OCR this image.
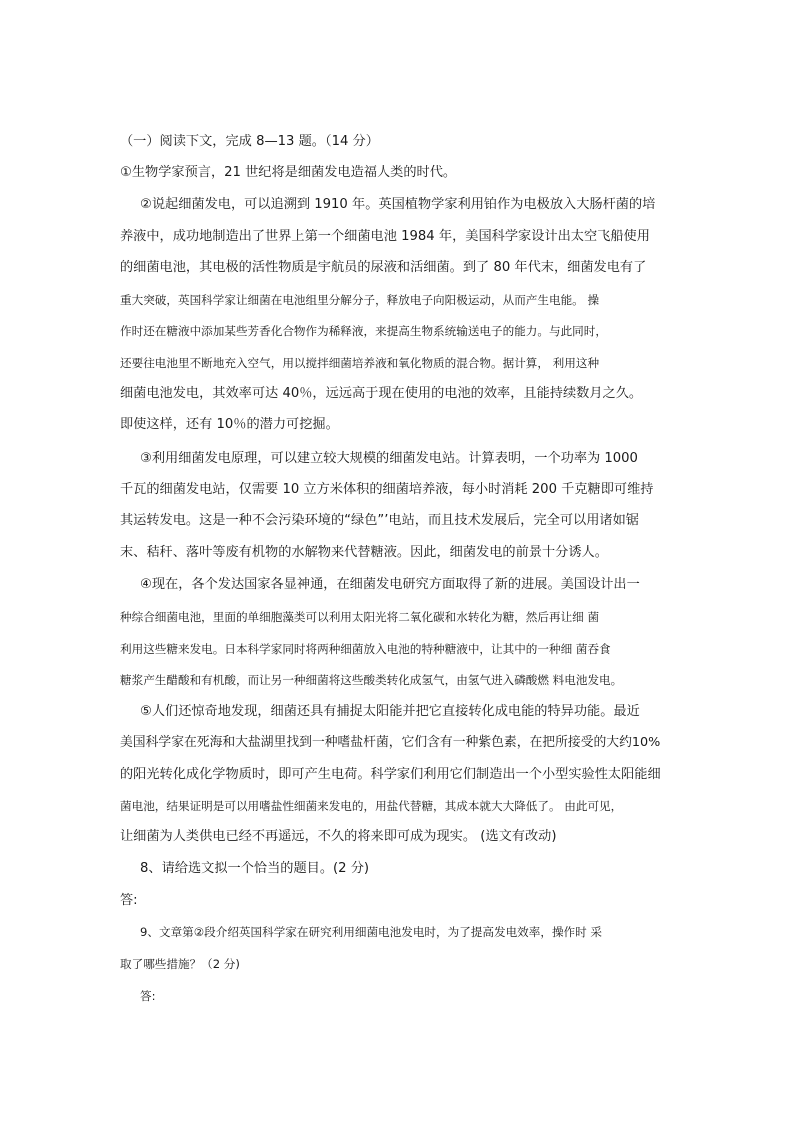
（一）阅读下文，完成 8—13 题。（14 分）
①生物学家预言，21 世纪将是细菌发电造福人类的时代。
②说起细菌发电，可以追溯到 1910 年。英国植物学家利用铂作为电极放入大肠杆菌的培
养液中，成功地制造出了世界上第一个细菌电池 1984 年，美国科学家设计出太空飞船使用
的细菌电池，其电极的活性物质是宇航员的尿液和活细菌。到了 80 年代末，细菌发电有了
重大突破，英国科学家让细菌在电池组里分解分子，释放电子向阳极运动，从而产生电能。 操
作时还在糖液中添加某些芳香化合物作为稀释液，来提高生物系统输送电子的能力。与此同时，
还要往电池里不断地充入空气，用以搅拌细菌培养液和氧化物质的混合物。据计算， 利用这种
细菌电池发电，其效率可达 40％，远远高于现在使用的电池的效率，且能持续数月之久。
即使这样，还有 10％的潜力可挖掘。
③利用细菌发电原理，可以建立较大规模的细菌发电站。计算表明，一个功率为 1000
千瓦的细菌发电站，仅需要 10 立方米体积的细菌培养液，每小时消耗 200 千克糖即可维持
其运转发电。这是一种不会污染环境的“绿色”’电站，而且技术发展后，完全可以用诸如锯
末、秸秆、落叶等废有机物的水解物来代替糖液。因此，细菌发电的前景十分诱人。
④现在，各个发达国家各显神通，在细菌发电研究方面取得了新的进展。美国设计出一
种综合细菌电池，里面的单细胞藻类可以利用太阳光将二氧化碳和水转化为糖，然后再让细 菌
利用这些糖来发电。日本科学家同时将两种细菌放入电池的特种糖液中，让其中的一种细 菌吞食
糖浆产生醋酸和有机酸，而让另一种细菌将这些酸类转化成氢气，由氢气进入磷酸燃 料电池发电。
⑤人们还惊奇地发现，细菌还具有捕捉太阳能并把它直接转化成电能的特异功能。最近
美国科学家在死海和大盐湖里找到一种嗜盐杆菌，它们含有一种紫色素，在把所接受的大约10%
的阳光转化成化学物质时，即可产生电荷。科学家们利用它们制造出一个小型实验性太阳能细
菌电池，结果证明是可以用嗜盐性细菌来发电的，用盐代替糖，其成本就大大降低了。 由此可见，
让细菌为人类供电已经不再遥远，不久的将来即可成为现实。 (选文有改动)
8、请给选文拟一个恰当的题目。(2 分)
答:
9、文章第②段介绍英国科学家在研究利用细菌电池发电时，为了提高发电效率，操作时 采
取了哪些措施？（2 分)
答:
